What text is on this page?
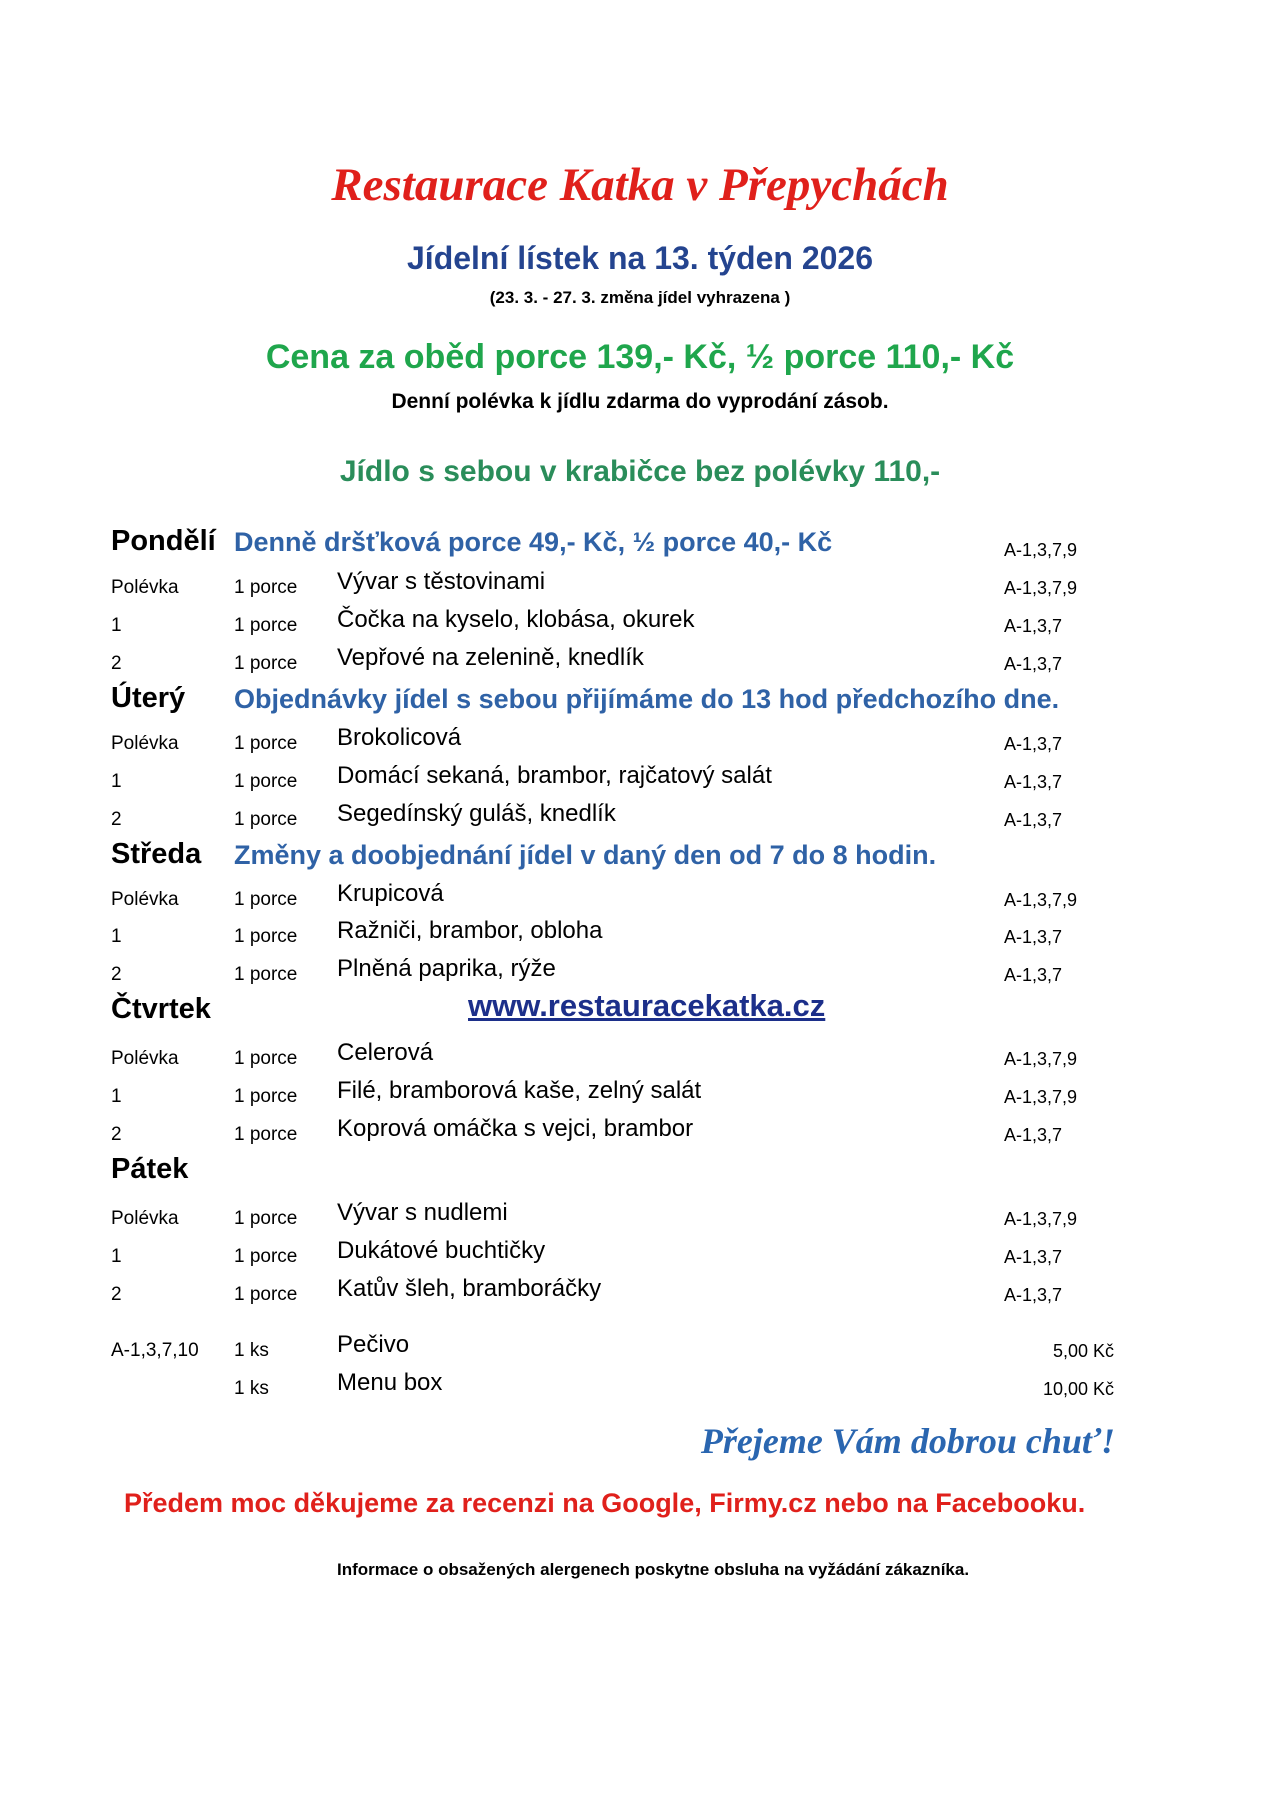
Restaurace Katka v Přepychách
Jídelní lístek na 13. týden 2026
(23. 3. - 27. 3. změna jídel vyhrazena )
Cena za oběd porce 139,- Kč, ½ porce 110,- Kč
Denní polévka k jídlu zdarma do vyprodání zásob.
Jídlo s sebou v krabičce bez polévky 110,-
Pondělí Denně dršťková porce 49,- Kč, ½ porce 40,- Kč	A-1,3,7,9
Polévka	1 porce Vývar s těstovinami	A-1,3,7,9
1	1 porce Čočka na kyselo, klobása, okurek	A-1,3,7
2	1 porce Vepřové na zelenině, knedlík	A-1,3,7
Úterý Objednávky jídel s sebou přijímáme do 13 hod předchozího dne.
Polévka	1 porce Brokolicová	A-1,3,7
1	1 porce Domácí sekaná, brambor, rajčatový salát	A-1,3,7
2	1 porce Segedínský guláš, knedlík	A-1,3,7
Středa Změny a doobjednání jídel v daný den od 7 do 8 hodin.
Polévka	1 porce Krupicová	A-1,3,7,9
1	1 porce Ražniči, brambor, obloha	A-1,3,7
2	1 porce Plněná paprika, rýže	A-1,3,7
Čtvrtek	www.restauracekatka.cz
Polévka	1 porce Celerová	A-1,3,7,9
1	1 porce Filé, bramborová kaše, zelný salát	A-1,3,7,9
2	1 porce Koprová omáčka s vejci, brambor	A-1,3,7
Pátek
Polévka	1 porce Vývar s nudlemi	A-1,3,7,9
1	1 porce Dukátové buchtičky	A-1,3,7
2	1 porce Katův šleh, bramboráčky	A-1,3,7
A-1,3,7,10 1 ks	Pečivo	5,00 Kč
1 ks	Menu box	10,00 Kč
Přejeme Vám dobrou chuť!
Předem moc děkujeme za recenzi na Google, Firmy.cz nebo na Facebooku.
Informace o obsažených alergenech poskytne obsluha na vyžádání zákazníka.
